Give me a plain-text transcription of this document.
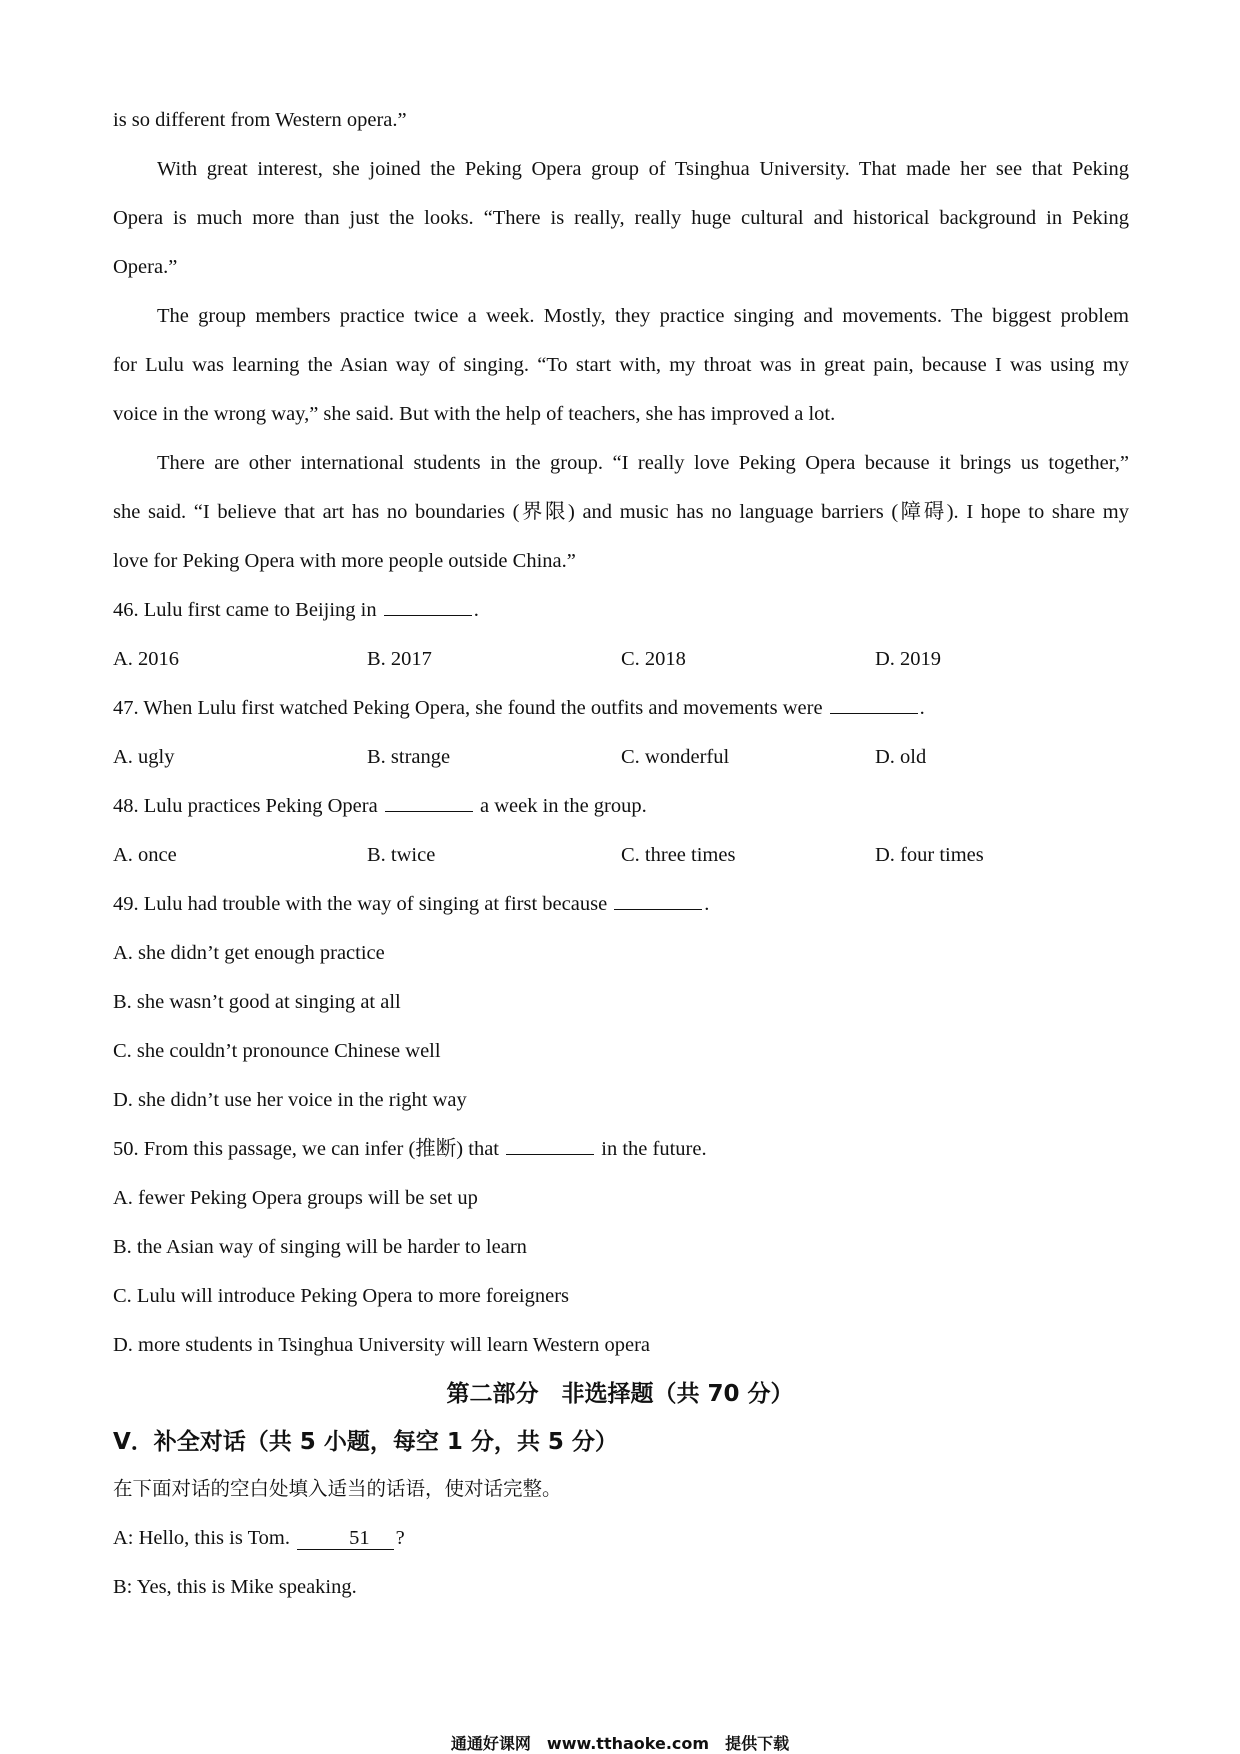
is so different from Western opera.”
With great interest, she joined the Peking Opera group of Tsinghua University. That made her see that Peking
Opera is much more than just the looks. “There is really, really huge cultural and historical background in Peking
Opera.”
The group members practice twice a week. Mostly, they practice singing and movements. The biggest problem
for Lulu was learning the Asian way of singing. “To start with, my throat was in great pain, because I was using my
voice in the wrong way,” she said. But with the help of teachers, she has improved a lot.
There are other international students in the group. “I really love Peking Opera because it brings us together,”
she said. “I believe that art has no boundaries (界限) and music has no language barriers (障碍). I hope to share my
love for Peking Opera with more people outside China.”
46. Lulu first came to Beijing in	.
A. 2016	B. 2017	C. 2018	D. 2019
47. When Lulu first watched Peking Opera, she found the outfits and movements were	.
A. ugly	B. strange	C. wonderful	D. old
48. Lulu practices Peking Opera	a week in the group.
A. once	B. twice	C. three times	D. four times
49. Lulu had trouble with the way of singing at first because	.
A. she didn’t get enough practice
B. she wasn’t good at singing at all
C. she couldn’t pronounce Chinese well
D. she didn’t use her voice in the right way
50. From this passage, we can infer (推断) that	in the future.
A. fewer Peking Opera groups will be set up
B. the Asian way of singing will be harder to learn
C. Lulu will introduce Peking Opera to more foreigners
D. more students in Tsinghua University will learn Western opera
第二部分　非选择题（共 70 分）
V．补全对话（共 5 小题，每空 1 分，共 5 分）
在下面对话的空白处填入适当的话语，使对话完整。
A: Hello, this is Tom.	51 ?
B: Yes, this is Mike speaking.
通通好课网　www.tthaoke.com　提供下载
